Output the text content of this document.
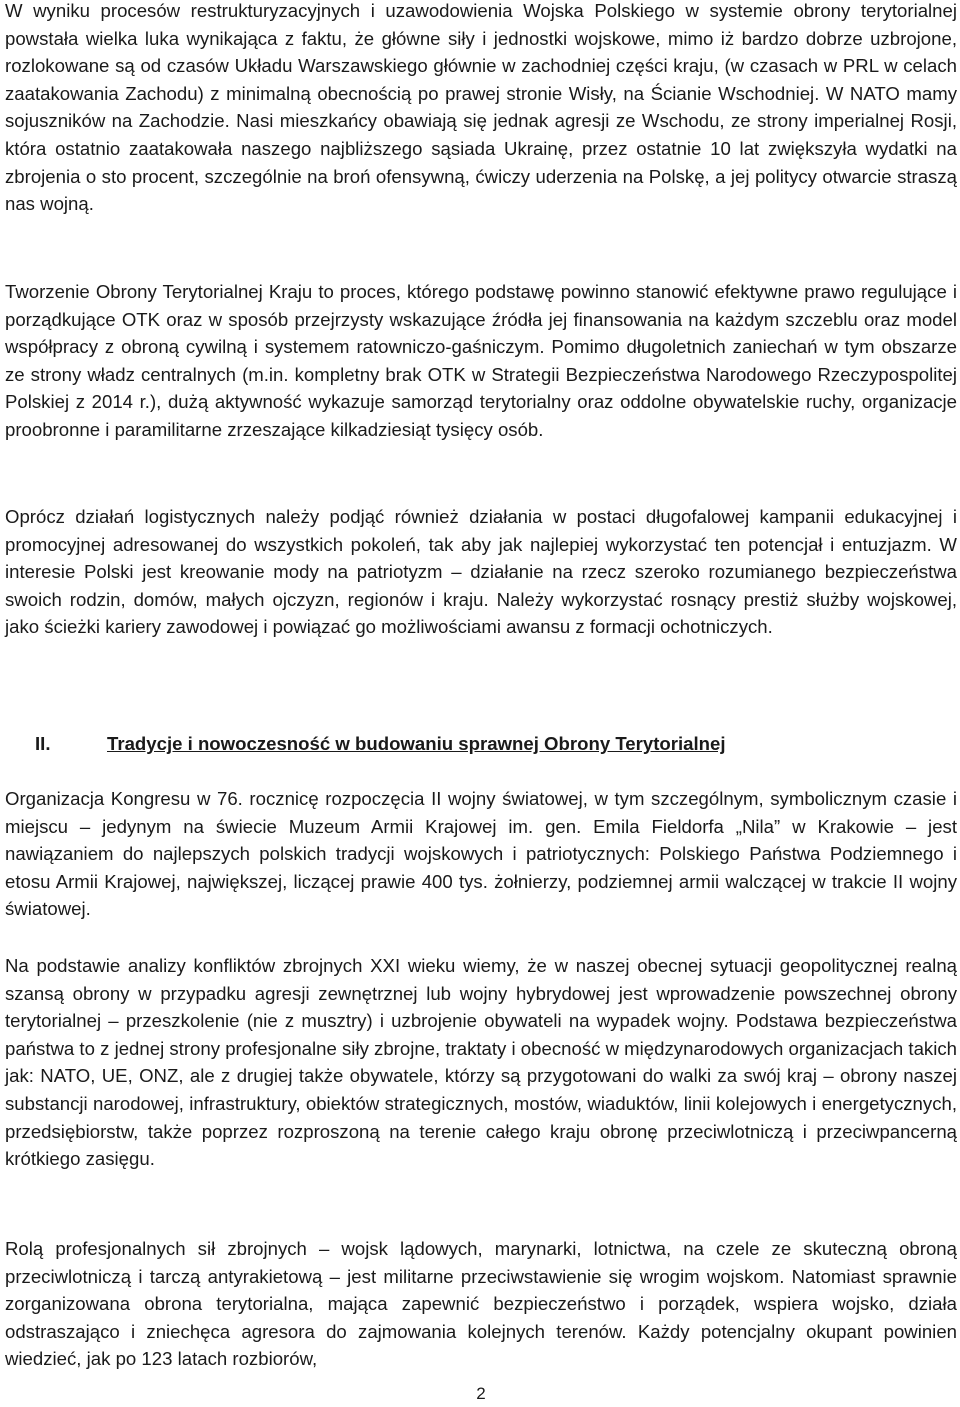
W wyniku procesów restrukturyzacyjnych i uzawodowienia Wojska Polskiego w systemie obrony terytorialnej powstała wielka luka wynikająca z faktu, że główne siły i jednostki wojskowe, mimo iż bardzo dobrze uzbrojone, rozlokowane są od czasów Układu Warszawskiego głównie w zachodniej części kraju, (w czasach w PRL w celach zaatakowania Zachodu) z minimalną obecnością po prawej stronie Wisły, na Ścianie Wschodniej. W NATO mamy sojuszników na Zachodzie. Nasi mieszkańcy obawiają się jednak agresji ze Wschodu, ze strony imperialnej Rosji, która ostatnio zaatakowała naszego najbliższego sąsiada Ukrainę, przez ostatnie 10 lat zwiększyła wydatki na zbrojenia o sto procent, szczególnie na broń ofensywną, ćwiczy uderzenia na Polskę, a jej politycy otwarcie straszą nas wojną.

Tworzenie Obrony Terytorialnej Kraju to proces, którego podstawę powinno stanowić efektywne prawo regulujące i porządkujące OTK oraz w sposób przejrzysty wskazujące źródła jej finansowania na każdym szczeblu oraz model współpracy z obroną cywilną i systemem ratowniczo-gaśniczym. Pomimo długoletnich zaniechań w tym obszarze ze strony władz centralnych (m.in. kompletny brak OTK w Strategii Bezpieczeństwa Narodowego Rzeczypospolitej Polskiej z 2014 r.), dużą aktywność wykazuje samorząd terytorialny oraz oddolne obywatelskie ruchy, organizacje proobronne i paramilitarne zrzeszające kilkadziesiąt tysięcy osób.

Oprócz działań logistycznych należy podjąć również działania w postaci długofalowej kampanii edukacyjnej i promocyjnej adresowanej do wszystkich pokoleń, tak aby jak najlepiej wykorzystać ten potencjał i entuzjazm. W interesie Polski jest kreowanie mody na patriotyzm – działanie na rzecz szeroko rozumianego bezpieczeństwa swoich rodzin, domów, małych ojczyzn, regionów i kraju. Należy wykorzystać rosnący prestiż służby wojskowej, jako ścieżki kariery zawodowej i powiązać go możliwościami awansu z formacji ochotniczych.

II.	Tradycje i nowoczesność w budowaniu sprawnej Obrony Terytorialnej

Organizacja Kongresu w 76. rocznicę rozpoczęcia II wojny światowej, w tym szczególnym, symbolicznym czasie i miejscu – jedynym na świecie Muzeum Armii Krajowej im. gen. Emila Fieldorfa „Nila” w Krakowie – jest nawiązaniem do najlepszych polskich tradycji wojskowych i patriotycznych: Polskiego Państwa Podziemnego i etosu Armii Krajowej, największej, liczącej prawie 400 tys. żołnierzy, podziemnej armii walczącej w trakcie II wojny światowej.

Na podstawie analizy konfliktów zbrojnych XXI wieku wiemy, że w naszej obecnej sytuacji geopolitycznej realną szansą obrony w przypadku agresji zewnętrznej lub wojny hybrydowej jest wprowadzenie powszechnej obrony terytorialnej – przeszkolenie (nie z musztry) i uzbrojenie obywateli na wypadek wojny. Podstawa bezpieczeństwa państwa to z jednej strony profesjonalne siły zbrojne, traktaty i obecność w międzynarodowych organizacjach takich jak: NATO, UE, ONZ, ale z drugiej także obywatele, którzy są przygotowani do walki za swój kraj – obrony naszej substancji narodowej, infrastruktury, obiektów strategicznych, mostów, wiaduktów, linii kolejowych i energetycznych, przedsiębiorstw, także poprzez rozproszoną na terenie całego kraju obronę przeciwlotniczą i przeciwpancerną krótkiego zasięgu.

Rolą profesjonalnych sił zbrojnych – wojsk lądowych, marynarki, lotnictwa, na czele ze skuteczną obroną przeciwlotniczą i tarczą antyrakietową – jest militarne przeciwstawienie się wrogim wojskom. Natomiast sprawnie zorganizowana obrona terytorialna, mająca zapewnić bezpieczeństwo i porządek, wspiera wojsko, działa odstraszająco i zniechęca agresora do zajmowania kolejnych terenów. Każdy potencjalny okupant powinien wiedzieć, jak po 123 latach rozbiorów,

2
